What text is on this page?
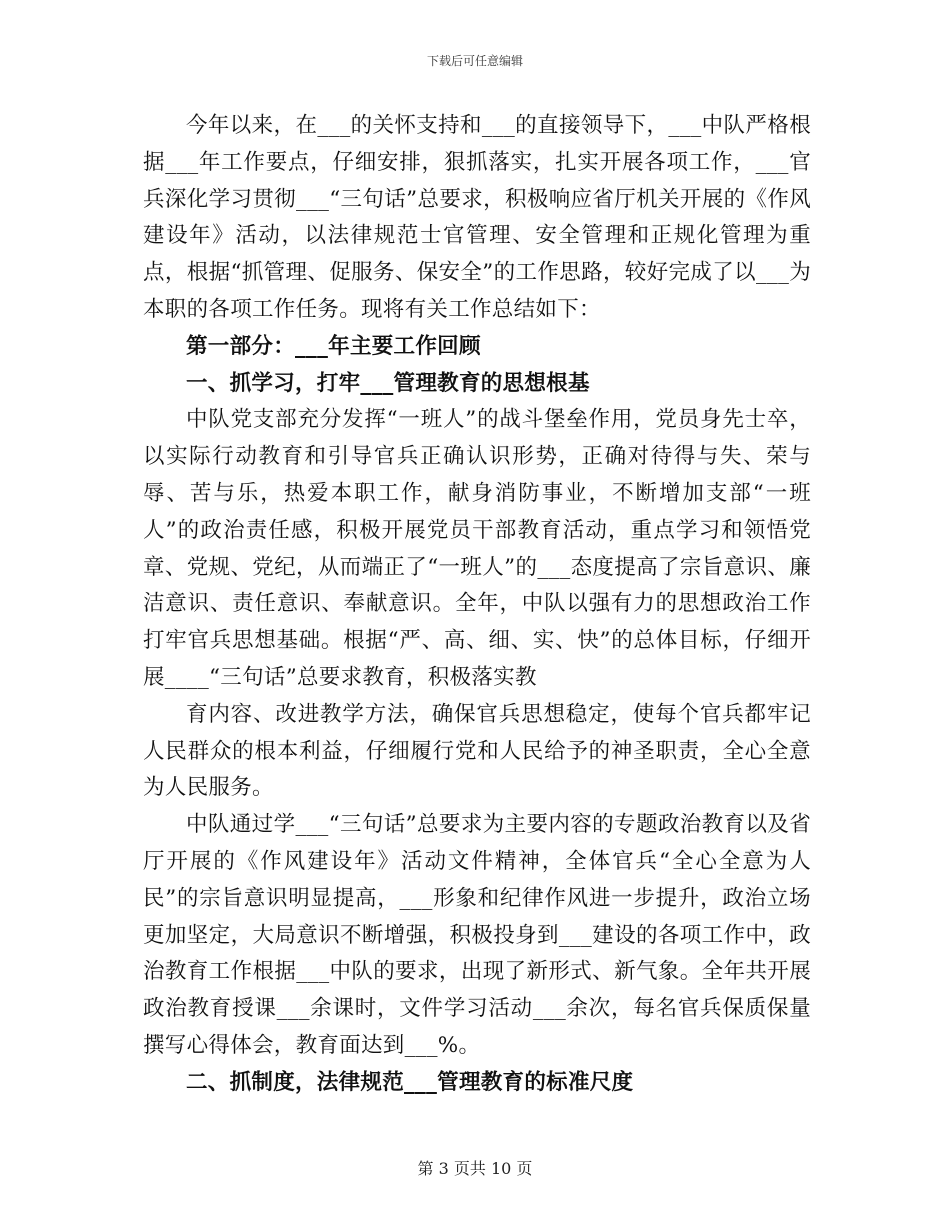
下载后可任意编辑

今年以来，在___的关怀支持和___的直接领导下，___中队严格根据___年工作要点，仔细安排，狠抓落实，扎实开展各项工作，___官兵深化学习贯彻___“三句话”总要求，积极响应省厅机关开展的《作风建设年》活动，以法律规范士官管理、安全管理和正规化管理为重点，根据“抓管理、促服务、保安全”的工作思路，较好完成了以___为本职的各项工作任务。现将有关工作总结如下：

第一部分：___年主要工作回顾

一、抓学习，打牢___管理教育的思想根基

中队党支部充分发挥“一班人”的战斗堡垒作用，党员身先士卒，以实际行动教育和引导官兵正确认识形势，正确对待得与失、荣与辱、苦与乐，热爱本职工作，献身消防事业，不断增加支部“一班人”的政治责任感，积极开展党员干部教育活动，重点学习和领悟党章、党规、党纪，从而端正了“一班人”的___态度提高了宗旨意识、廉洁意识、责任意识、奉献意识。全年，中队以强有力的思想政治工作打牢官兵思想基础。根据“严、高、细、实、快”的总体目标，仔细开展____“三句话”总要求教育，积极落实教

育内容、改进教学方法，确保官兵思想稳定，使每个官兵都牢记人民群众的根本利益，仔细履行党和人民给予的神圣职责，全心全意为人民服务。

中队通过学___“三句话”总要求为主要内容的专题政治教育以及省厅开展的《作风建设年》活动文件精神，全体官兵“全心全意为人民”的宗旨意识明显提高，___形象和纪律作风进一步提升，政治立场更加坚定，大局意识不断增强，积极投身到___建设的各项工作中，政治教育工作根据___中队的要求，出现了新形式、新气象。全年共开展政治教育授课___余课时，文件学习活动___余次，每名官兵保质保量撰写心得体会，教育面达到___%。

二、抓制度，法律规范___管理教育的标准尺度

第 3 页共 10 页
